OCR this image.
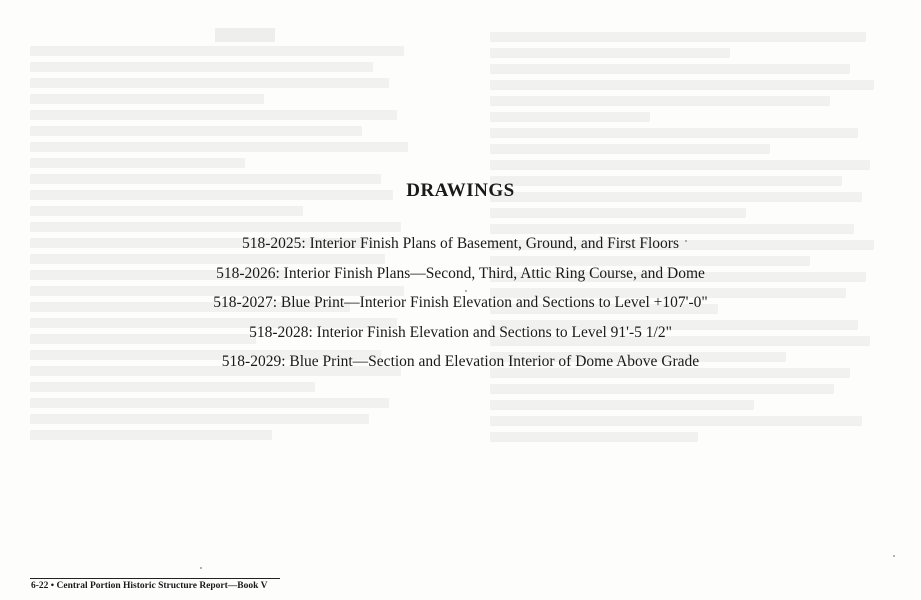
DRAWINGS
518-2025: Interior Finish Plans of Basement, Ground, and First Floors
518-2026: Interior Finish Plans—Second, Third, Attic Ring Course, and Dome
518-2027: Blue Print—Interior Finish Elevation and Sections to Level +107'-0"
518-2028: Interior Finish Elevation and Sections to Level 91'-5 1/2"
518-2029: Blue Print—Section and Elevation Interior of Dome Above Grade
6-22 • Central Portion Historic Structure Report—Book V
